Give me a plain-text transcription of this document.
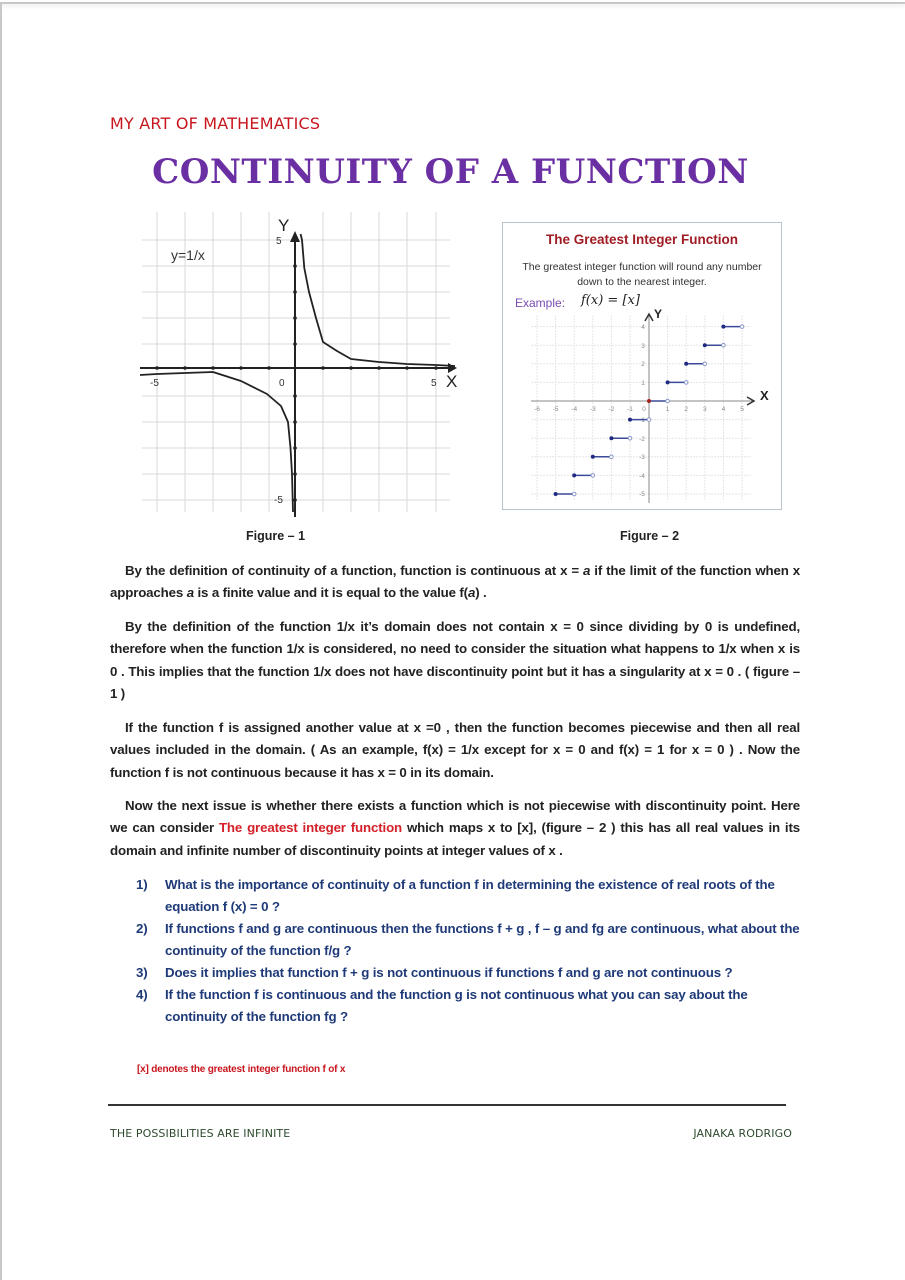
MY ART OF MATHEMATICS
CONTINUITY OF A FUNCTION
y=1/x
Y
5
-5
-5	0	5 X
The Greatest Integer Function
The greatest integer function will round any number down to the nearest integer.
Example: f(x) = [x]
-6 -5 -4 -3 -2 -1 0	1 2 3 4 5
4
3
2
1
-1
-2
-3
-4
-5
Y
X
Figure – 1	Figure – 2
By the definition of continuity of a function, function is continuous at x = a if the limit of the function when x approaches a is a finite value and it is equal to the value f(a) .
By the definition of the function 1/x it’s domain does not contain x = 0 since dividing by 0 is undefined, therefore when the function 1/x is considered, no need to consider the situation what happens to 1/x when x is 0 . This implies that the function 1/x does not have discontinuity point but it has a singularity at x = 0 . ( figure – 1 )
If the function f is assigned another value at x =0 , then the function becomes piecewise and then all real values included in the domain. ( As an example, f(x) = 1/x except for x = 0 and f(x) = 1 for x = 0 ) . Now the function f is not continuous because it has x = 0 in its domain.
Now the next issue is whether there exists a function which is not piecewise with discontinuity point. Here we can consider The greatest integer function which maps x to [x], (figure – 2 ) this has all real values in its domain and infinite number of discontinuity points at integer values of x .
1) What is the importance of continuity of a function f in determining the existence of real roots of the equation f (x) = 0 ?
2) If functions f and g are continuous then the functions f + g , f – g and fg are continuous, what about the continuity of the function f/g ?
3) Does it implies that function f + g is not continuous if functions f and g are not continuous ?
4) If the function f is continuous and the function g is not continuous what you can say about the continuity of the function fg ?
[x] denotes the greatest integer function f of x
THE POSSIBILITIES ARE INFINITE	JANAKA RODRIGO
